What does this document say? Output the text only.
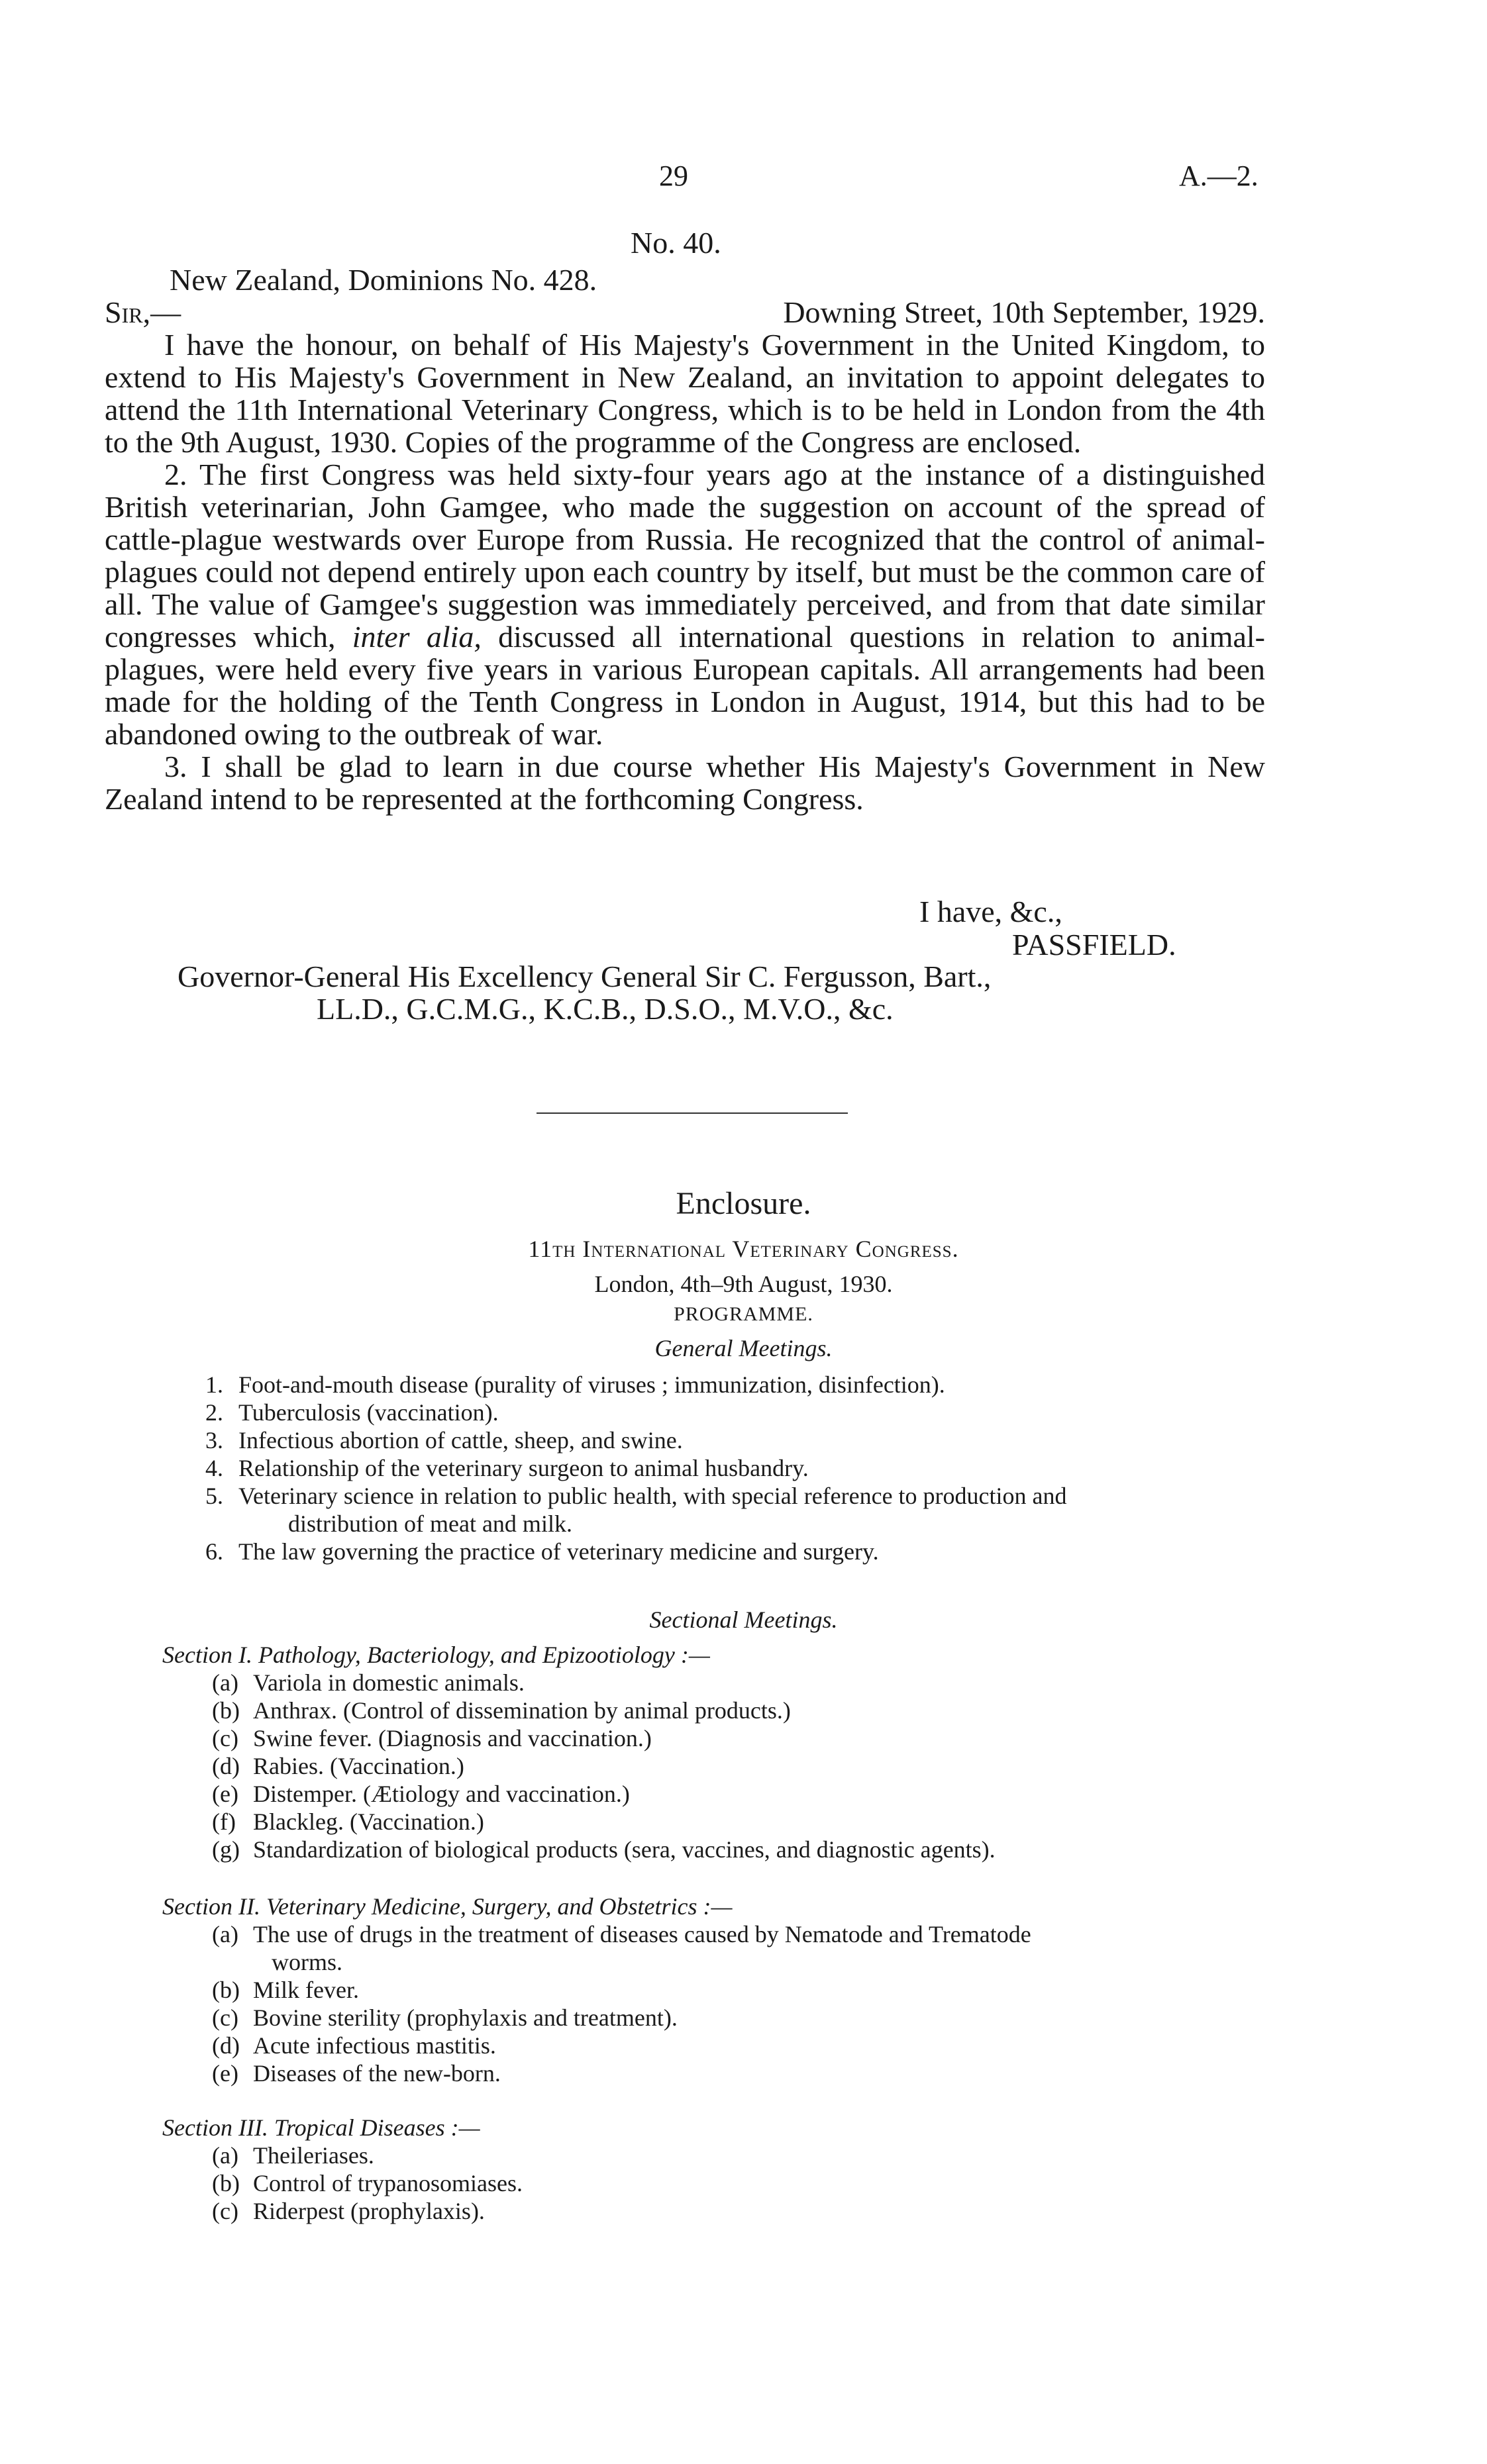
29	A.—2.
No. 40.

New Zealand, Dominions No. 428.

Sir,—	Downing Street, 10th September, 1929.

I have the honour, on behalf of His Majesty's Government in the United Kingdom, to extend to His Majesty's Government in New Zealand, an invitation to appoint delegates to attend the 11th International Veterinary Congress, which is to be held in London from the 4th to the 9th August, 1930. Copies of the programme of the Congress are enclosed.

2. The first Congress was held sixty-four years ago at the instance of a distinguished British veterinarian, John Gamgee, who made the suggestion on account of the spread of cattle-plague westwards over Europe from Russia. He recognized that the control of animal-plagues could not depend entirely upon each country by itself, but must be the common care of all. The value of Gamgee's suggestion was immediately perceived, and from that date similar congresses which, inter alia, discussed all international questions in relation to animal-plagues, were held every five years in various European capitals. All arrangements had been made for the holding of the Tenth Congress in London in August, 1914, but this had to be abandoned owing to the outbreak of war.

3. I shall be glad to learn in due course whether His Majesty's Government in New Zealand intend to be represented at the forthcoming Congress.

I have, &c.,
PASSFIELD.
Governor-General His Excellency General Sir C. Fergusson, Bart.,
LL.D., G.C.M.G., K.C.B., D.S.O., M.V.O., &c.
Enclosure.
11th International Veterinary Congress.
London, 4th–9th August, 1930.
PROGRAMME.
General Meetings.
1. Foot-and-mouth disease (purality of viruses ; immunization, disinfection).
2. Tuberculosis (vaccination).
3. Infectious abortion of cattle, sheep, and swine.
4. Relationship of the veterinary surgeon to animal husbandry.
5. Veterinary science in relation to public health, with special reference to production and
distribution of meat and milk.
6. The law governing the practice of veterinary medicine and surgery.
Sectional Meetings.
Section I. Pathology, Bacteriology, and Epizootiology :—
(a) Variola in domestic animals.
(b) Anthrax. (Control of dissemination by animal products.)
(c) Swine fever. (Diagnosis and vaccination.)
(d) Rabies. (Vaccination.)
(e) Distemper. (Ætiology and vaccination.)
(f) Blackleg. (Vaccination.)
(g) Standardization of biological products (sera, vaccines, and diagnostic agents).
Section II. Veterinary Medicine, Surgery, and Obstetrics :—
(a) The use of drugs in the treatment of diseases caused by Nematode and Trematode
worms.
(b) Milk fever.
(c) Bovine sterility (prophylaxis and treatment).
(d) Acute infectious mastitis.
(e) Diseases of the new-born.
Section III. Tropical Diseases :—
(a) Theileriases.
(b) Control of trypanosomiases.
(c) Riderpest (prophylaxis).
